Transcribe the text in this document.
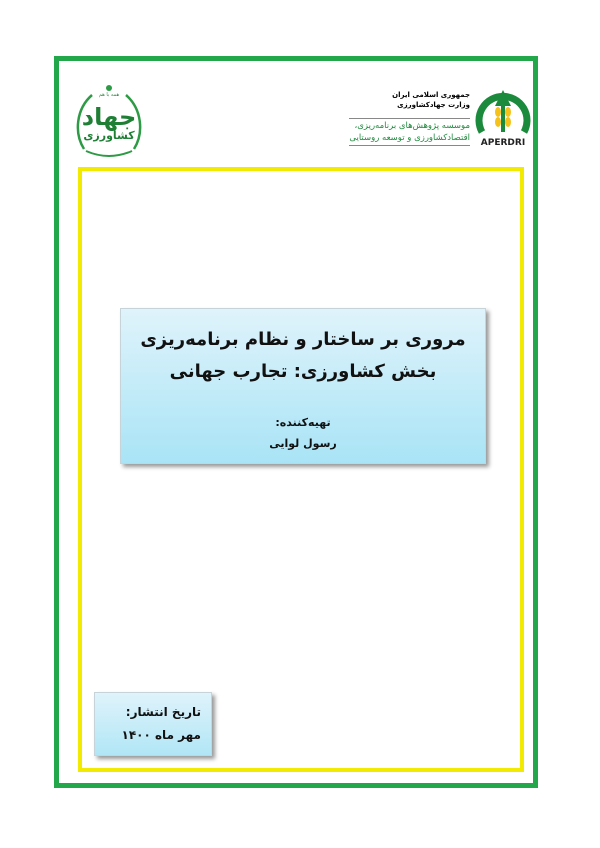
همه با هم
جهاد
کشاورزی
جمهوری اسلامی ایران
وزارت جهادکشاورزی
موسسه پژوهش‌های برنامه‌ریزی،
اقتصادکشاورزی و توسعه روستایی	APERDRI
مروری بر ساختار و نظام برنامه‌ریزی
بخش کشاورزی: تجارب جهانی
تهیه‌کننده:
رسول لوایی
تاریخ انتشار:
مهر ماه ۱۴۰۰
